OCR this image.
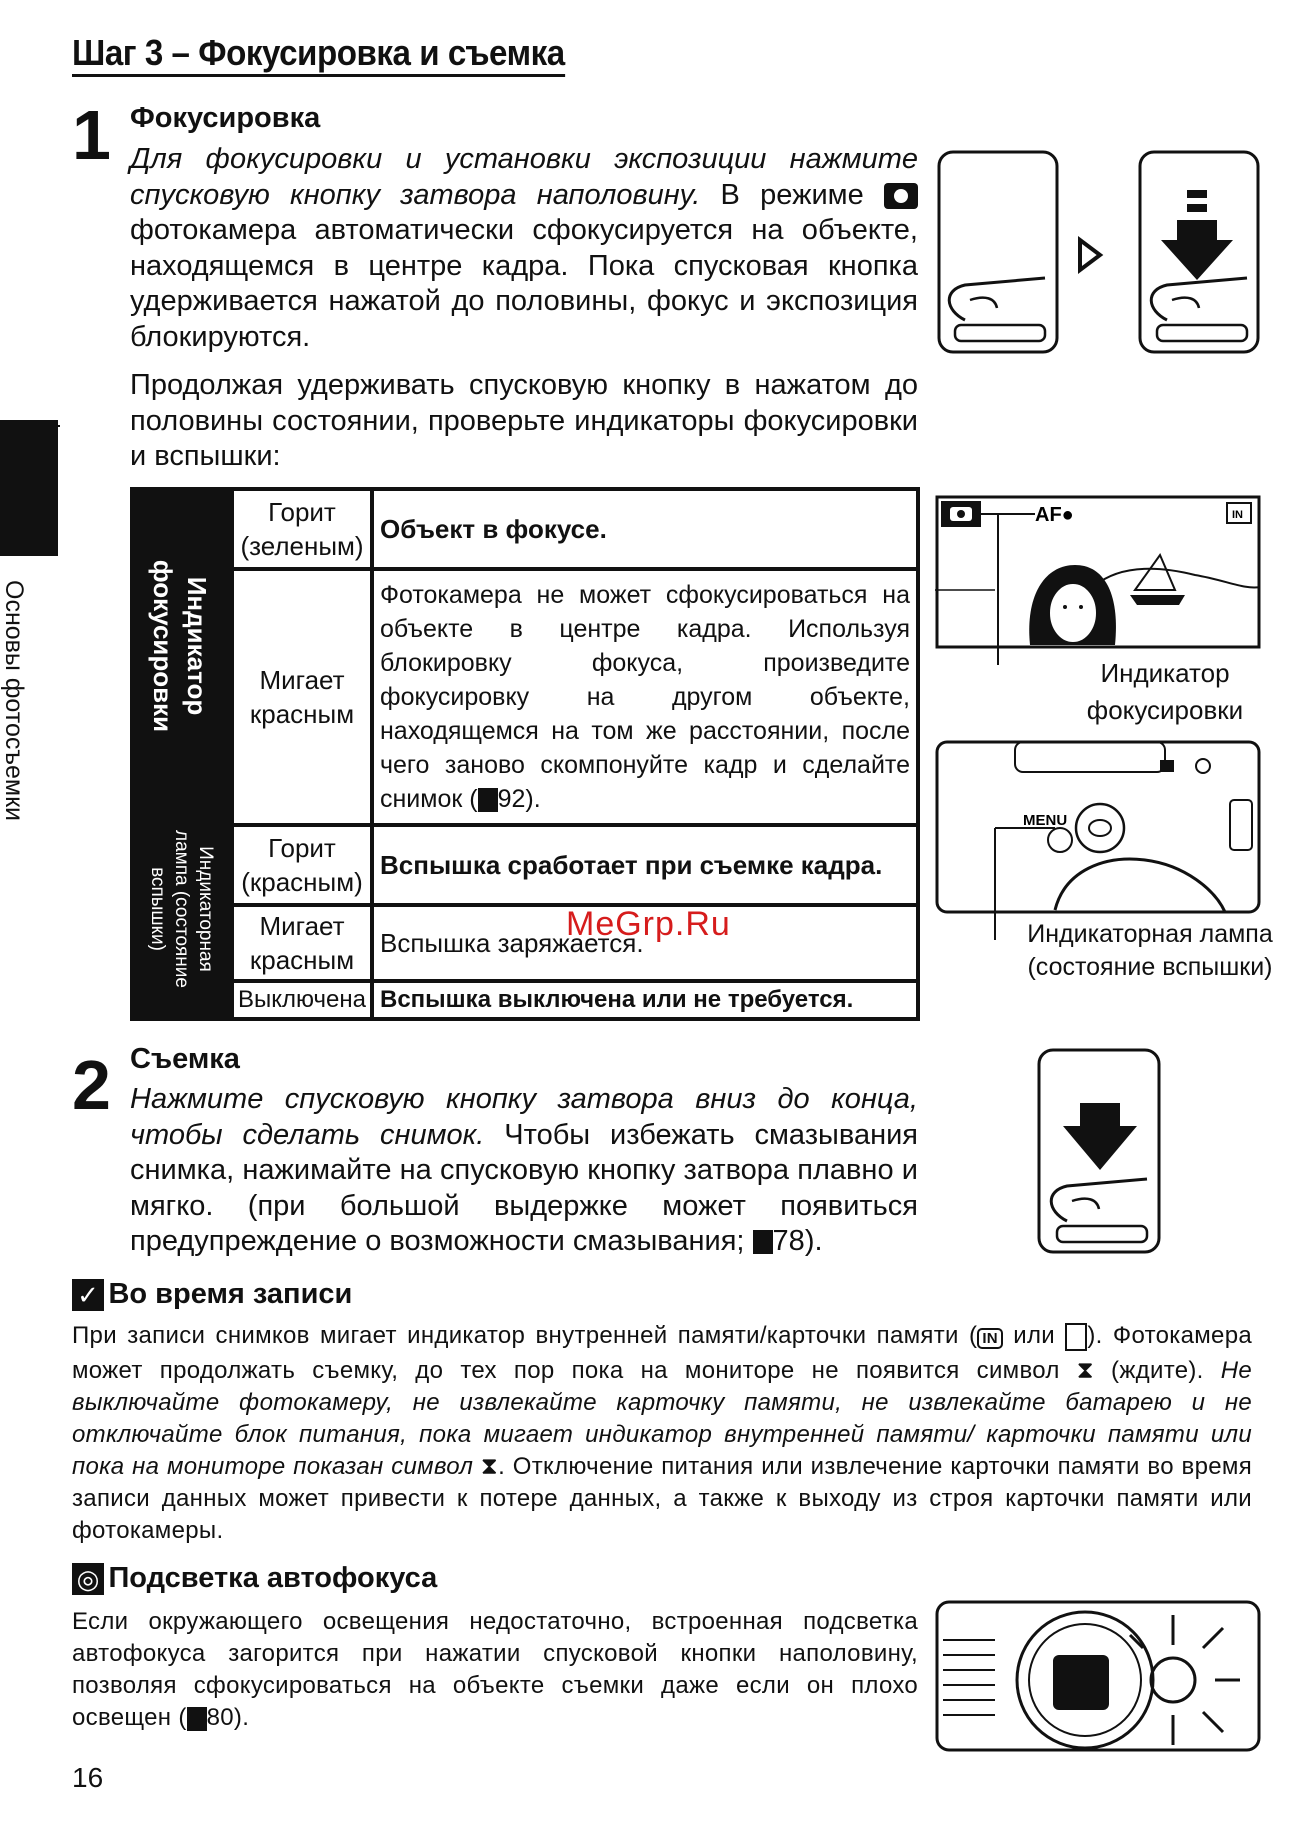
Шаг 3 – Фокусировка и съемка
Основы фотосъемки
1 Фокусировка
Для фокусировки и установки экспозиции нажмите спусковую кнопку затвора наполовину. В режиме
фотокамера автоматически сфокусируется на объекте, находящемся в центре кадра. Пока спусковая кнопка удерживается нажатой до половины, фокус и экспозиция блокируются.
Продолжая удерживать спусковую кнопку в нажатом до половины состоянии, проверьте индикаторы фокусировки и вспышки:
Индикатор фокусировки
Индикаторная лампа (состояние вспышки)
Горит (зеленым)
Объект в фокусе.
Мигает красным
Фотокамера не может сфокусироваться на объекте в центре кадра. Используя блокировку фокуса, произведите фокусировку на другом объекте, находящемся на том же расстоянии, после чего заново скомпонуйте кадр и сделайте снимок ( 92).
Горит (красным)
Вспышка сработает при съемке кадра.
Мигает красным
Вспышка заряжается.
Выключена Вспышка выключена или не требуется.
AF●	IN
Индикатор фокусировки
MENU
Индикаторная лампа (состояние вспышки)
2 Съемка
Нажмите спусковую кнопку затвора вниз до конца, чтобы сделать снимок. Чтобы избежать смазывания снимка, нажимайте на спусковую кнопку затвора плавно и мягко. (при большой выдержке может появиться предупреждение о возможности смазывания; 78).
MeGrp.Ru
✓ Во время записи
При записи снимков мигает индикатор внутренней памяти/карточки памяти ( IN или ). Фотокамера может продолжать съемку, до тех пор пока на мониторе не появится символ ⧗ (ждите). Не выключайте фотокамеру, не извлекайте карточку памяти, не извлекайте батарею и не отключайте блок питания, пока мигает индикатор внутренней памяти/ карточки памяти или пока на мониторе показан символ ⧗. Отключение питания или извлечение карточки памяти во время записи данных может привести к потере данных, а также к выходу из строя карточки памяти или фотокамеры.
◎ Подсветка автофокуса
Если окружающего освещения недостаточно, встроенная подсветка автофокуса загорится при нажатии спусковой кнопки наполовину, позволяя сфокусироваться на объекте съемки даже если он плохо освещен ( 80).
16
